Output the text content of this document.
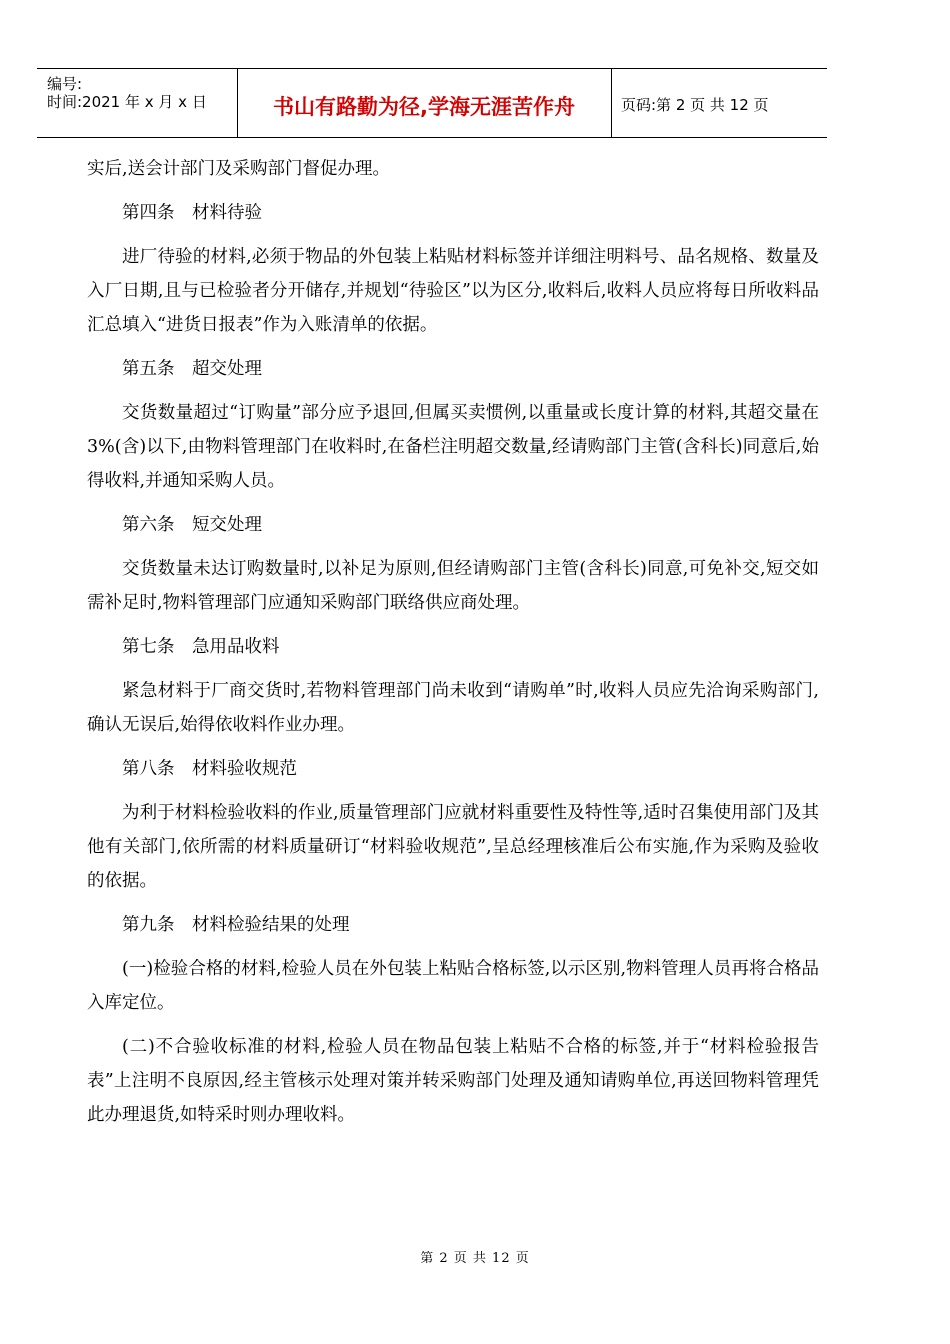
编号:
时间:2021 年 x 月 x 日	书山有路勤为径,学海无涯苦作舟	页码:第 2 页 共 12 页

实后,送会计部门及采购部门督促办理。

第四条　材料待验

进厂待验的材料,必须于物品的外包装上粘贴材料标签并详细注明料号、品名规格、数量及入厂日期,且与已检验者分开储存,并规划“待验区”以为区分,收料后,收料人员应将每日所收料品汇总填入“进货日报表”作为入账清单的依据。

第五条　超交处理

交货数量超过“订购量”部分应予退回,但属买卖惯例,以重量或长度计算的材料,其超交量在 3%(含)以下,由物料管理部门在收料时,在备栏注明超交数量,经请购部门主管(含科长)同意后,始得收料,并通知采购人员。

第六条　短交处理

交货数量未达订购数量时,以补足为原则,但经请购部门主管(含科长)同意,可免补交,短交如需补足时,物料管理部门应通知采购部门联络供应商处理。

第七条　急用品收料

紧急材料于厂商交货时,若物料管理部门尚未收到“请购单”时,收料人员应先洽询采购部门,确认无误后,始得依收料作业办理。

第八条　材料验收规范

为利于材料检验收料的作业,质量管理部门应就材料重要性及特性等,适时召集使用部门及其他有关部门,依所需的材料质量研订“材料验收规范”,呈总经理核准后公布实施,作为采购及验收的依据。

第九条　材料检验结果的处理

(一)检验合格的材料,检验人员在外包装上粘贴合格标签,以示区别,物料管理人员再将合格品入库定位。

(二)不合验收标准的材料,检验人员在物品包装上粘贴不合格的标签,并于“材料检验报告表”上注明不良原因,经主管核示处理对策并转采购部门处理及通知请购单位,再送回物料管理凭此办理退货,如特采时则办理收料。

第 2 页 共 12 页
